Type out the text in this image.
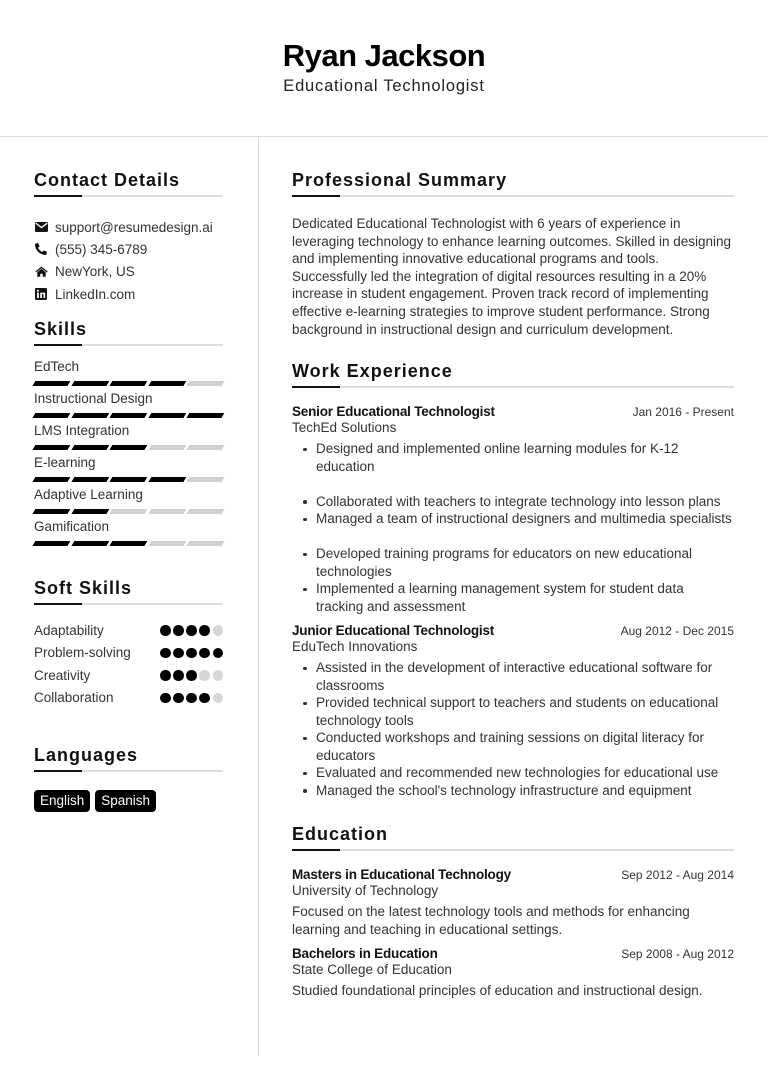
Ryan Jackson
Educational Technologist
Contact Details
support@resumedesign.ai
(555) 345-6789
NewYork, US
LinkedIn.com
Skills
EdTech
Instructional Design
LMS Integration
E-learning
Adaptive Learning
Gamification
Soft Skills
Adaptability
Problem-solving
Creativity
Collaboration
Languages
English	Spanish
Professional Summary

Dedicated Educational Technologist with 6 years of experience in leveraging technology to enhance learning outcomes. Skilled in designing and implementing innovative educational programs and tools. Successfully led the integration of digital resources resulting in a 20% increase in student engagement. Proven track record of implementing effective e-learning strategies to improve student performance. Strong background in instructional design and curriculum development.

Work Experience
Senior Educational Technologist	Jan 2016 - Present
TechEd Solutions
Designed and implemented online learning modules for K-12 education
Collaborated with teachers to integrate technology into lesson plans
Managed a team of instructional designers and multimedia specialists
Developed training programs for educators on new educational technologies
Implemented a learning management system for student data tracking and assessment
Junior Educational Technologist	Aug 2012 - Dec 2015
EduTech Innovations
Assisted in the development of interactive educational software for classrooms
Provided technical support to teachers and students on educational technology tools
Conducted workshops and training sessions on digital literacy for educators
Evaluated and recommended new technologies for educational use
Managed the school's technology infrastructure and equipment
Education
Masters in Educational Technology	Sep 2012 - Aug 2014
University of Technology

Focused on the latest technology tools and methods for enhancing learning and teaching in educational settings.

Bachelors in Education	Sep 2008 - Aug 2012
State College of Education

Studied foundational principles of education and instructional design.
